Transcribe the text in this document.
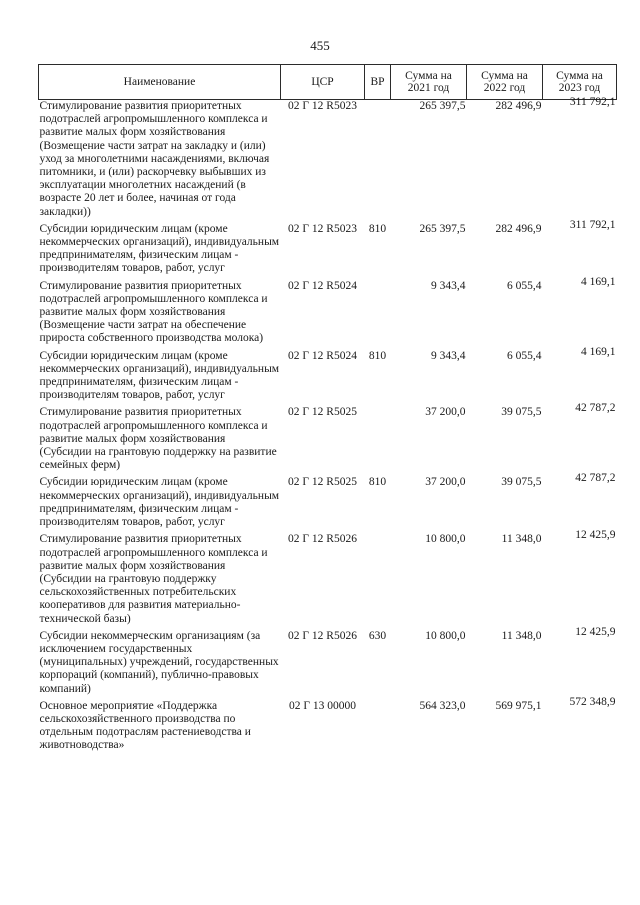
455
Наименование	ЦСР	ВР	Сумма на 2021 год	Сумма на 2022 год	Сумма на 2023 год
Стимулирование развития приоритетных подотраслей агропромышленного комплекса и развитие малых форм хозяйствования (Возмещение части затрат на закладку и (или) уход за многолетними насаждениями, включая питомники, и (или) раскорчевку выбывших из эксплуатации многолетних насаждений (в возрасте 20 лет и более, начиная от года закладки))	02 Г 12 R5023		265 397,5	282 496,9	311 792,1
Субсидии юридическим лицам (кроме некоммерческих организаций), индивидуальным предпринимателям, физическим лицам - производителям товаров, работ, услуг	02 Г 12 R5023	810	265 397,5	282 496,9	311 792,1
Стимулирование развития приоритетных подотраслей агропромышленного комплекса и развитие малых форм хозяйствования (Возмещение части затрат на обеспечение прироста собственного производства молока)	02 Г 12 R5024		9 343,4	6 055,4	4 169,1
Субсидии юридическим лицам (кроме некоммерческих организаций), индивидуальным предпринимателям, физическим лицам - производителям товаров, работ, услуг	02 Г 12 R5024	810	9 343,4	6 055,4	4 169,1
Стимулирование развития приоритетных подотраслей агропромышленного комплекса и развитие малых форм хозяйствования (Субсидии на грантовую поддержку на развитие семейных ферм)	02 Г 12 R5025		37 200,0	39 075,5	42 787,2
Субсидии юридическим лицам (кроме некоммерческих организаций), индивидуальным предпринимателям, физическим лицам - производителям товаров, работ, услуг	02 Г 12 R5025	810	37 200,0	39 075,5	42 787,2
Стимулирование развития приоритетных подотраслей агропромышленного комплекса и развитие малых форм хозяйствования (Субсидии на грантовую поддержку сельскохозяйственных потребительских кооперативов для развития материально-технической базы)	02 Г 12 R5026		10 800,0	11 348,0	12 425,9
Субсидии некоммерческим организациям (за исключением государственных (муниципальных) учреждений, государственных корпораций (компаний), публично-правовых компаний)	02 Г 12 R5026	630	10 800,0	11 348,0	12 425,9
Основное мероприятие «Поддержка сельскохозяйственного производства по отдельным подотраслям растениеводства и животноводства»	02 Г 13 00000		564 323,0	569 975,1	572 348,9
